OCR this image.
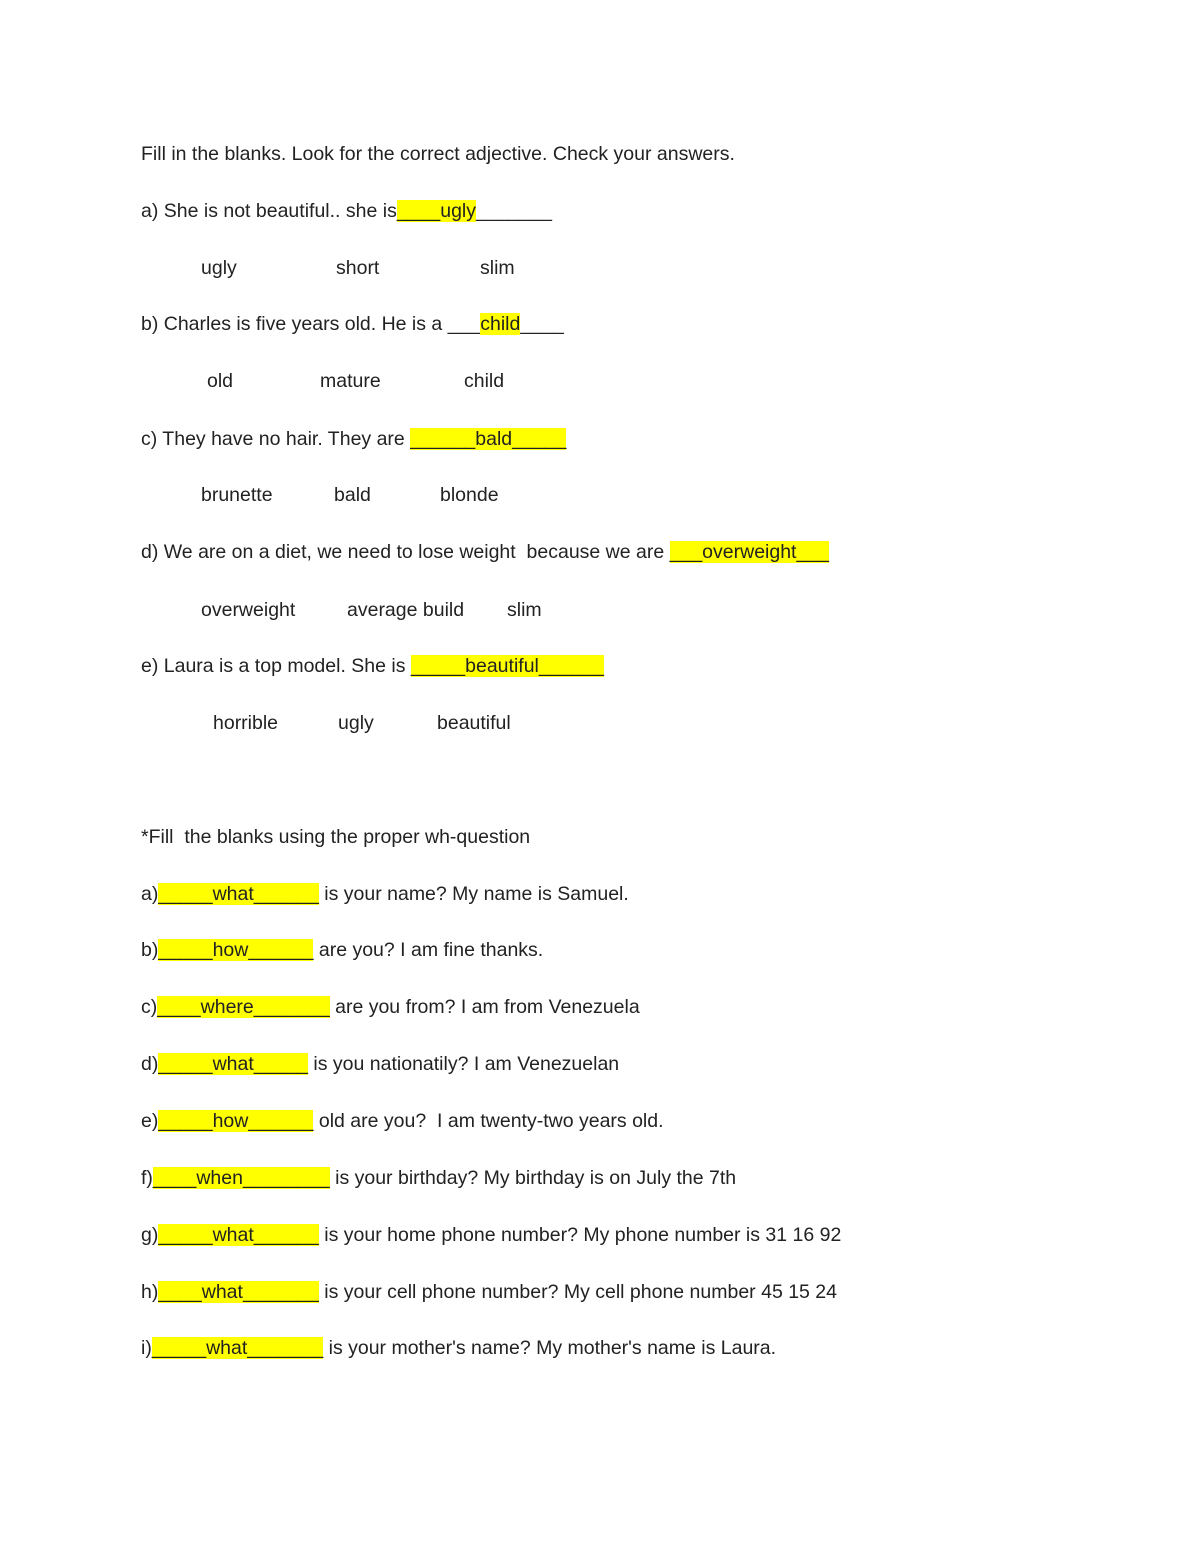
Fill in the blanks. Look for the correct adjective. Check your answers.
a) She is not beautiful.. she is____ugly_______
ugly	short	slim
b) Charles is five years old. He is a ___child____
old	mature	child
c) They have no hair. They are ______bald_____
brunette	bald	blonde
d) We are on a diet, we need to lose weight  because we are ___overweight___
overweight	average build slim
e) Laura is a top model. She is _____beautiful______
horrible	ugly	beautiful
*Fill  the blanks using the proper wh-question
a)_____what______ is your name? My name is Samuel.
b)_____how______ are you? I am fine thanks.
c)____where_______ are you from? I am from Venezuela
d)_____what_____ is you nationatily? I am Venezuelan
e)_____how______ old are you?  I am twenty-two years old.
f)____when________ is your birthday? My birthday is on July the 7th
g)_____what______ is your home phone number? My phone number is 31 16 92
h)____what_______ is your cell phone number? My cell phone number 45 15 24
i)_____what_______ is your mother's name? My mother's name is Laura.
